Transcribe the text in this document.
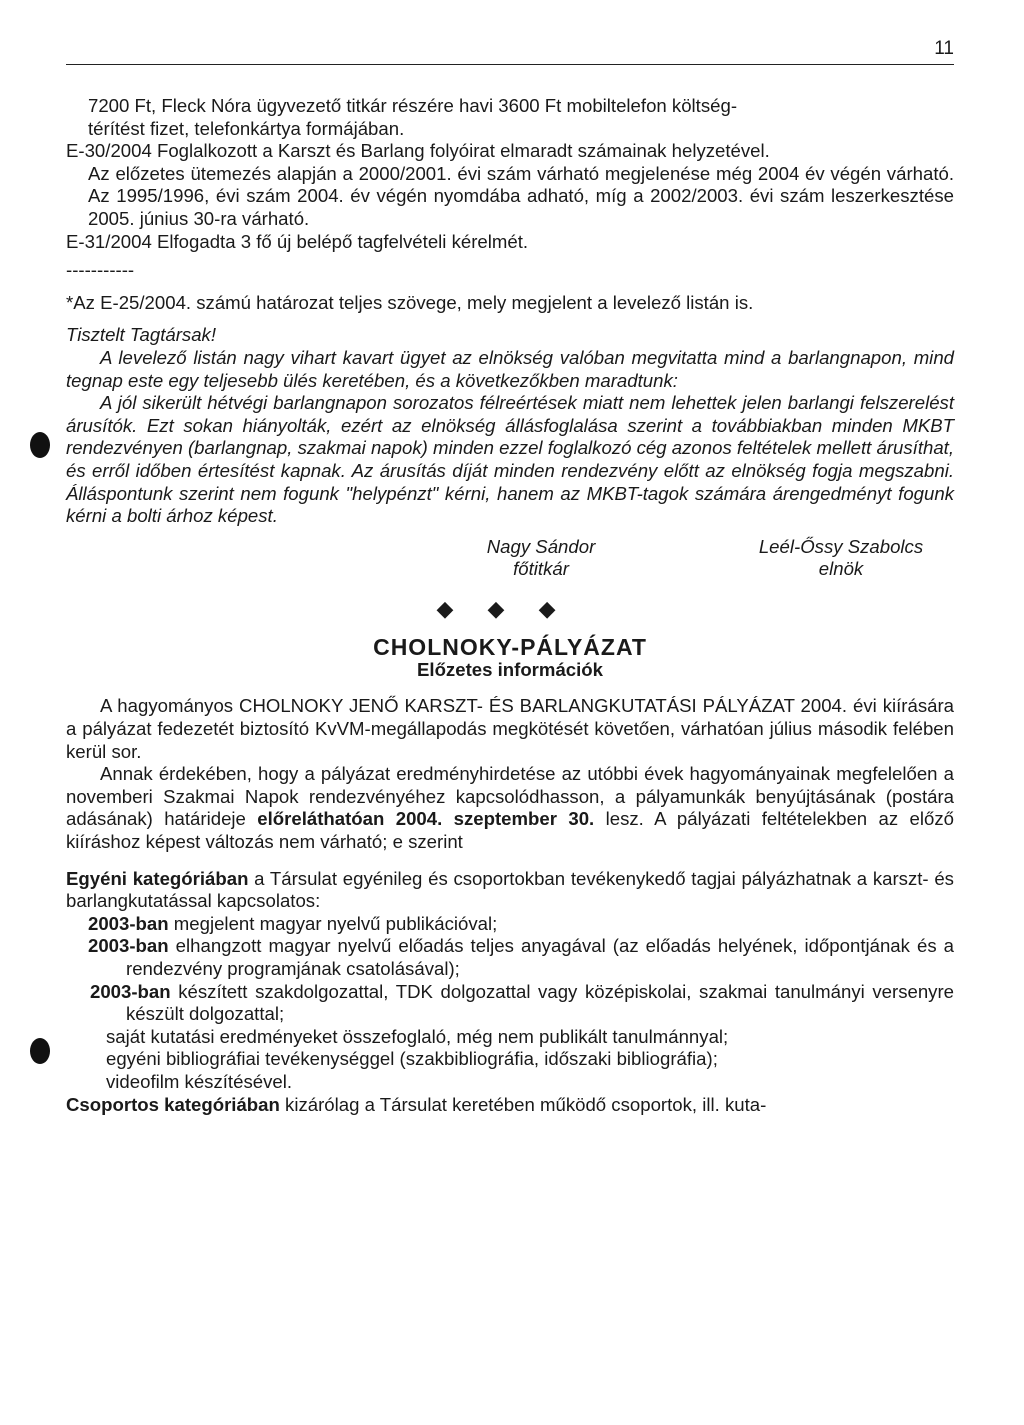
11

7200 Ft, Fleck Nóra ügyvezető titkár részére havi 3600 Ft mobiltelefon költség-

térítést fizet, telefonkártya formájában.

E-30/2004 Foglalkozott a Karszt és Barlang folyóirat elmaradt számainak helyzetével.

Az előzetes ütemezés alapján a 2000/2001. évi szám várható megjelenése még 2004 év végén várható. Az 1995/1996, évi szám 2004. év végén nyomdába adható, míg a 2002/2003. évi szám leszerkesztése 2005. június 30-ra várható.

E-31/2004 Elfogadta 3 fő új belépő tagfelvételi kérelmét.

-----------

*Az E-25/2004. számú határozat teljes szövege, mely megjelent a levelező listán is.

Tisztelt Tagtársak!

A levelező listán nagy vihart kavart ügyet az elnökség valóban megvitatta mind a barlangnapon, mind tegnap este egy teljesebb ülés keretében, és a következőkben maradtunk:

A jól sikerült hétvégi barlangnapon sorozatos félreértések miatt nem lehettek jelen barlangi felszerelést árusítók. Ezt sokan hiányolták, ezért az elnökség állásfoglalása szerint a továbbiakban minden MKBT rendezvényen (barlangnap, szakmai napok) minden ezzel foglalkozó cég azonos feltételek mellett árusíthat, és erről időben értesítést kapnak. Az árusítás díját minden rendezvény előtt az elnökség fogja megszabni. Álláspontunk szerint nem fogunk "helypénzt" kérni, hanem az MKBT-tagok számára árengedményt fogunk kérni a bolti árhoz képest.

Nagy Sándor
főtitkár
Leél-Őssy Szabolcs
elnök
◆ ◆ ◆
CHOLNOKY-PÁLYÁZAT
Előzetes információk

A hagyományos CHOLNOKY JENŐ KARSZT- ÉS BARLANGKUTATÁSI PÁLYÁZAT 2004. évi kiírására a pályázat fedezetét biztosító KvVM-megállapodás megkötését követően, várhatóan július második felében kerül sor.

Annak érdekében, hogy a pályázat eredményhirdetése az utóbbi évek hagyományainak megfelelően a novemberi Szakmai Napok rendezvényéhez kapcsolódhasson, a pályamunkák benyújtásának (postára adásának) határideje előreláthatóan 2004. szeptember 30. lesz. A pályázati feltételekben az előző kiíráshoz képest változás nem várható; e szerint

Egyéni kategóriában a Társulat egyénileg és csoportokban tevékenykedő tagjai pályázhatnak a karszt- és barlangkutatással kapcsolatos:

2003-ban megjelent magyar nyelvű publikációval;

2003-ban elhangzott magyar nyelvű előadás teljes anyagával (az előadás helyének, időpontjának és a rendezvény programjának csatolásával);

2003-ban készített szakdolgozattal, TDK dolgozattal vagy középiskolai, szakmai tanulmányi versenyre készült dolgozattal;

saját kutatási eredményeket összefoglaló, még nem publikált tanulmánnyal;

egyéni bibliográfiai tevékenységgel (szakbibliográfia, időszaki bibliográfia);

videofilm készítésével.

Csoportos kategóriában kizárólag a Társulat keretében működő csoportok, ill. kuta-
